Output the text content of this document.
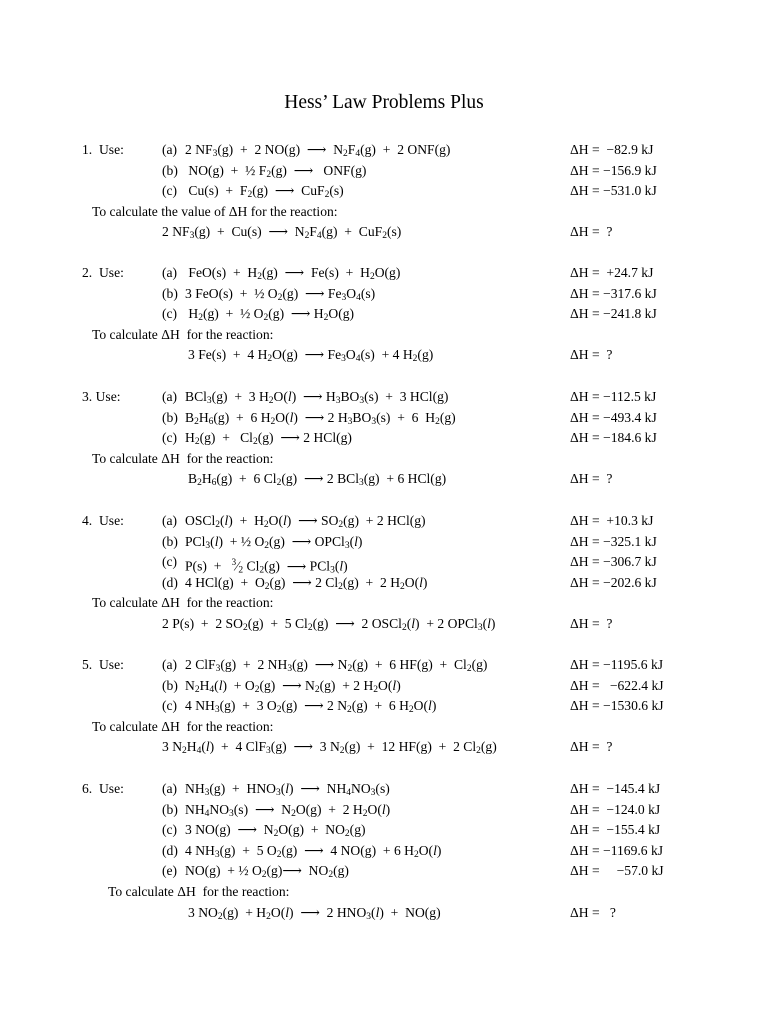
Hess’ Law Problems Plus
1.  Use:	(a) 2 $NF_3(g) + 2$ NO(g)  ⟶  $N_2F_4(g) + 2$ ONF(g)	ΔH =  −82.9 kJ
(b) NO(g)  +  ½ $F_2(g)$  ⟶   ONF(g)	ΔH = −156.9 kJ
(c) $Cu(s) + F_2(g)$  ⟶  CuF$_2$(s)	ΔH = −531.0 kJ
To calculate the value of ΔH for the reaction:
2 $NF_3(g) + Cu(s)$  ⟶  $N_2F_4(g) + CuF_2(s)$	ΔH =  ?
2.  Use:	(a) $FeO(s) + H_2(g)$  ⟶  $Fe(s) + H_2O(g)$	ΔH =  +24.7 kJ
(b) 3 FeO(s)  +  ½ $O_2(g)$  ⟶ $Fe_3O_4(s)$	ΔH = −317.6 kJ
(c) $H_2(g)$  +  ½ $O_2(g)$  ⟶ $H_2O(g)$	ΔH = −241.8 kJ
To calculate ΔH  for the reaction:
3 Fe(s)  +  4 $H_2O(g)$  ⟶ $Fe_3O_4(s) + 4$ $H_2(g)$	ΔH =  ?
3. Use:	(a) BCl$_3$(g)  +  3 $H_2O(l)$  ⟶ $H_3BO_3(s) + 3$ HCl(g)	ΔH = −112.5 kJ
(b) $B_2H_6(g) + 6$ $H_2O(l)$  ⟶ 2 $H_3BO_3(s) + 6$  $H_2(g)$	ΔH = −493.4 kJ
(c) $H_2(g) + Cl_2(g)$  ⟶ 2 HCl(g)	ΔH = −184.6 kJ
To calculate ΔH  for the reaction:
$B_2H_6(g) + 6$ $Cl_2(g)$  ⟶ 2 BCl$_3$(g)  + 6 HCl(g)	ΔH =  ?
4.  Use:	(a) OSCl$_2$(l)  +  $H_2O(l)$  ⟶ $SO_2(g) + 2$ HCl(g)	ΔH =  +10.3 kJ
(b) PCl$_3$(l)  + ½ $O_2(g)$  ⟶ OPCl$_3$(l)	ΔH = −325.1 kJ
(c) $P(s) + ^3⁄_2$ $Cl_2(g)$  ⟶ PCl$_3$(l)	ΔH = −306.7 kJ
(d) 4 $HCl(g) + O_2(g)$  ⟶ 2 $Cl_2(g) + 2$ $H_2O(l)$	ΔH = −202.6 kJ
To calculate ΔH  for the reaction:
2 P(s)  +  2 $SO_2(g) + 5$ $Cl_2(g)$  ⟶  2 OSCl$_2$(l)  + 2 OPCl$_3$(l)	ΔH =  ?
5.  Use:	(a) 2 ClF$_3$(g)  +  2 $NH_3(g)$  ⟶ $N_2(g) + 6$ $HF(g) + Cl_2(g)$	ΔH = −1195.6 kJ
(b) $N_2H_4(l) + O_2(g)$  ⟶ $N_2(g) + 2$ $H_2O(l)$	ΔH =   −622.4 kJ
(c) 4 $NH_3(g) + 3$ $O_2(g)$  ⟶ 2 $N_2(g) + 6$ $H_2O(l)$	ΔH = −1530.6 kJ
To calculate ΔH  for the reaction:
3 $N_2H_4(l) + 4$ ClF$_3$(g)  ⟶  3 $N_2(g) + 12$ HF(g)  +  2 $Cl_2(g)$	ΔH =  ?
6.  Use:	(a) $NH_3(g) + HNO_3(l)$  ⟶  $NH_4NO_3(s)$	ΔH =  −145.4 kJ
(b) $NH_4NO_3(s)$  ⟶  $N_2O(g) + 2$ $H_2O(l)$	ΔH =  −124.0 kJ
(c) 3 NO(g)  ⟶  $N_2O(g) + NO_2(g)$	ΔH =  −155.4 kJ
(d) 4 $NH_3(g) + 5$ $O_2(g)$  ⟶  4 NO(g)  + 6 $H_2O(l)$	ΔH = −1169.6 kJ
(e) NO(g)  + ½ $O_2(g)⟶$  $NO_2(g)$	ΔH =     −57.0 kJ
To calculate ΔH  for the reaction:
3 $NO_2(g) + H_2O(l)$  ⟶  2 $HNO_3(l) + NO(g)$	ΔH =   ?
